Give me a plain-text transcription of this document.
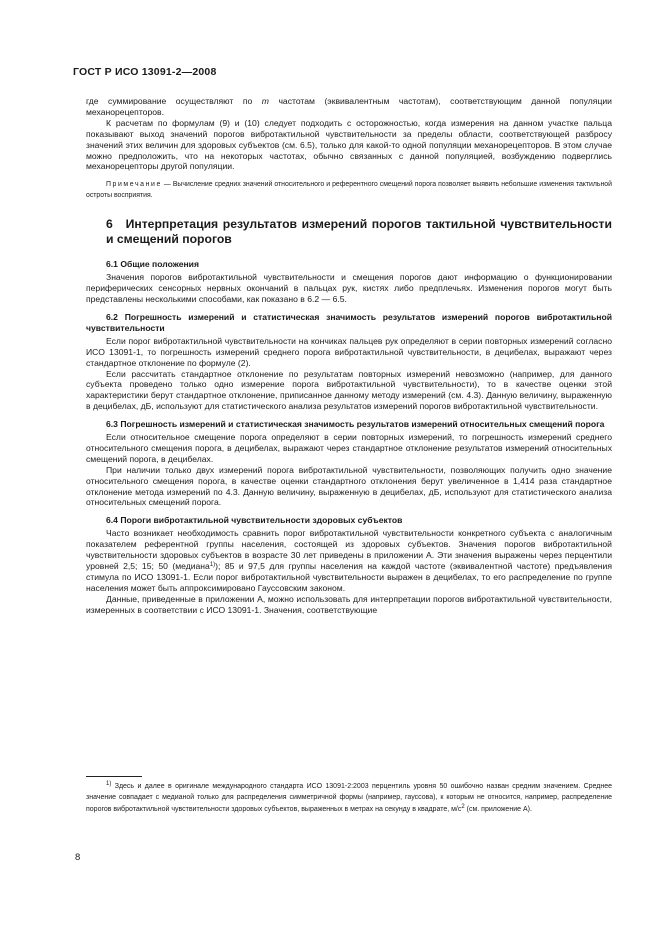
ГОСТ Р ИСО 13091-2—2008

где суммирование осуществляют по m частотам (эквивалентным частотам), соответствующим данной популяции механорецепторов.

К расчетам по формулам (9) и (10) следует подходить с осторожностью, когда измерения на данном участке пальца показывают выход значений порогов вибротактильной чувствительности за пределы области, соответствующей разбросу значений этих величин для здоровых субъектов (см. 6.5), только для какой-то одной популяции механорецепторов. В этом случае можно предположить, что на некоторых частотах, обычно связанных с данной популяцией, возбуждению подверглись механорецепторы другой популяции.

Примечание — Вычисление средних значений относительного и референтного смещений порога позволяет выявить небольшие изменения тактильной остроты восприятия.

6 Интерпретация результатов измерений порогов тактильной чувствительности и смещений порогов
6.1 Общие положения

Значения порогов вибротактильной чувствительности и смещения порогов дают информацию о функционировании периферических сенсорных нервных окончаний в пальцах рук, кистях либо предплечьях. Изменения порогов могут быть представлены несколькими способами, как показано в 6.2 — 6.5.

6.2 Погрешность измерений и статистическая значимость результатов измерений порогов вибротактильной чувствительности

Если порог вибротактильной чувствительности на кончиках пальцев рук определяют в серии повторных измерений согласно ИСО 13091-1, то погрешность измерений среднего порога вибротактильной чувствительности, в децибелах, выражают через стандартное отклонение по формуле (2).

Если рассчитать стандартное отклонение по результатам повторных измерений невозможно (например, для данного субъекта проведено только одно измерение порога вибротактильной чувствительности), то в качестве оценки этой характеристики берут стандартное отклонение, приписанное данному методу измерений (см. 4.3). Данную величину, выраженную в децибелах, дБ, используют для статистического анализа результатов измерений порогов вибротактильной чувствительности.

6.3 Погрешность измерений и статистическая значимость результатов измерений относительных смещений порога

Если относительное смещение порога определяют в серии повторных измерений, то погрешность измерений среднего относительного смещения порога, в децибелах, выражают через стандартное отклонение результатов измерений относительных смещений порога, в децибелах.

При наличии только двух измерений порога вибротактильной чувствительности, позволяющих получить одно значение относительного смещения порога, в качестве оценки стандартного отклонения берут увеличенное в 1,414 раза стандартное отклонение метода измерений по 4.3. Данную величину, выраженную в децибелах, дБ, используют для статистического анализа относительных смещений порога.

6.4 Пороги вибротактильной чувствительности здоровых субъектов

Часто возникает необходимость сравнить порог вибротактильной чувствительности конкретного субъекта с аналогичным показателем референтной группы населения, состоящей из здоровых субъектов. Значения порогов вибротактильной чувствительности здоровых субъектов в возрасте 30 лет приведены в приложении А. Эти значения выражены через перцентили уровней 2,5; 15; 50 (медиана$^{1)}$); 85 и 97,5 для группы населения на каждой частоте (эквивалентной частоте) предъявления стимула по ИСО 13091-1. Если порог вибротактильной чувствительности выражен в децибелах, то его распределение по группе населения может быть аппроксимировано Гауссовским законом.

Данные, приведенные в приложении А, можно использовать для интерпретации порогов вибротактильной чувствительности, измеренных в соответствии с ИСО 13091-1. Значения, соответствующие

$^{1)}$ Здесь и далее в оригинале международного стандарта ИСО 13091-2:2003 перцентиль уровня 50 ошибочно назван средним значением. Среднее значение совпадает с медианой только для распределения симметричной формы (например, гауссова), к которым не относится, например, распределение порогов вибротактильной чувствительности здоровых субъектов, выраженных в метрах на секунду в квадрате, $м/с^2$ (см. приложение А).

8
